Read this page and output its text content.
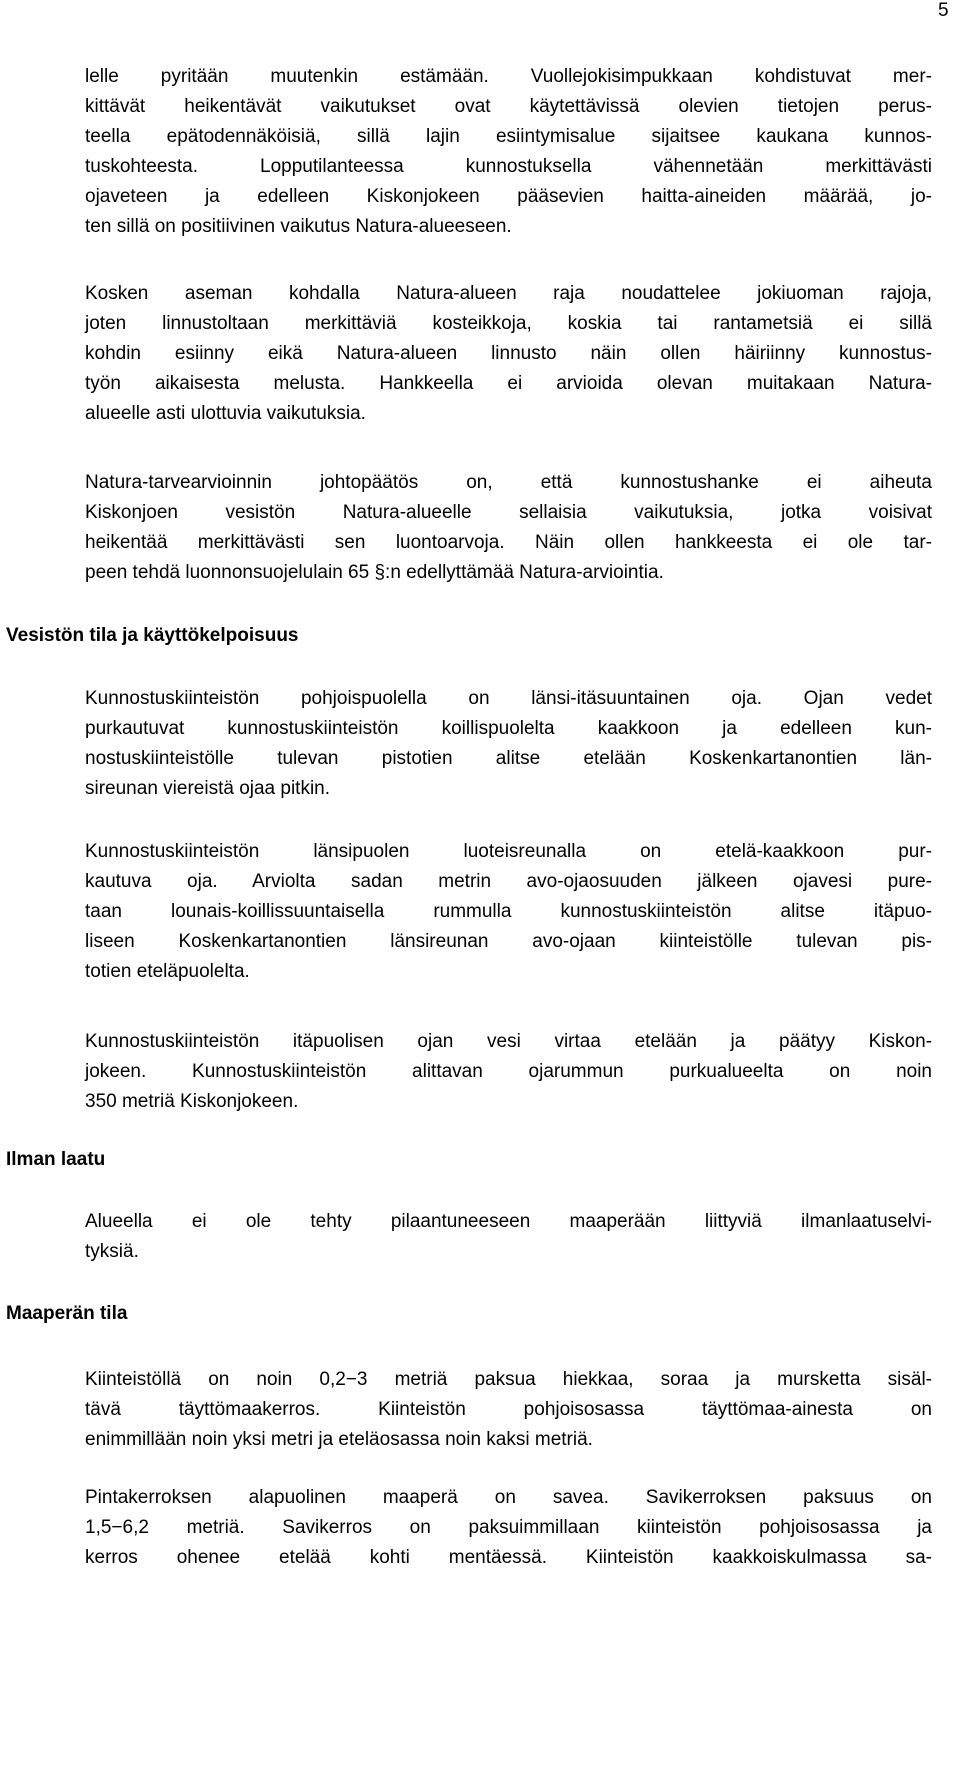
5
lelle pyritään muutenkin estämään. Vuollejokisimpukkaan kohdistuvat mer-
kittävät heikentävät vaikutukset ovat käytettävissä olevien tietojen perus-
teella epätodennäköisiä, sillä lajin esiintymisalue sijaitsee kaukana kunnos-
tuskohteesta. Lopputilanteessa kunnostuksella vähennetään merkittävästi
ojaveteen ja edelleen Kiskonjokeen pääsevien haitta-aineiden määrää, jo-
ten sillä on positiivinen vaikutus Natura-alueeseen.
Kosken aseman kohdalla Natura-alueen raja noudattelee jokiuoman rajoja,
joten linnustoltaan merkittäviä kosteikkoja, koskia tai rantametsiä ei sillä
kohdin esiinny eikä Natura-alueen linnusto näin ollen häiriinny kunnostus-
työn aikaisesta melusta. Hankkeella ei arvioida olevan muitakaan Natura-
alueelle asti ulottuvia vaikutuksia.
Natura-tarvearvioinnin johtopäätös on, että kunnostushanke ei aiheuta
Kiskonjoen vesistön Natura-alueelle sellaisia vaikutuksia, jotka voisivat
heikentää merkittävästi sen luontoarvoja. Näin ollen hankkeesta ei ole tar-
peen tehdä luonnonsuojelulain 65 §:n edellyttämää Natura-arviointia.
Vesistön tila ja käyttökelpoisuus
Kunnostuskiinteistön pohjoispuolella on länsi-itäsuuntainen oja. Ojan vedet
purkautuvat kunnostuskiinteistön koillispuolelta kaakkoon ja edelleen kun-
nostuskiinteistölle tulevan pistotien alitse etelään Koskenkartanontien län-
sireunan viereistä ojaa pitkin.
Kunnostuskiinteistön länsipuolen luoteisreunalla on etelä-kaakkoon pur-
kautuva oja. Arviolta sadan metrin avo-ojaosuuden jälkeen ojavesi pure-
taan lounais-koillissuuntaisella rummulla kunnostuskiinteistön alitse itäpuo-
liseen Koskenkartanontien länsireunan avo-ojaan kiinteistölle tulevan pis-
totien eteläpuolelta.
Kunnostuskiinteistön itäpuolisen ojan vesi virtaa etelään ja päätyy Kiskon-
jokeen. Kunnostuskiinteistön alittavan ojarummun purkualueelta on noin
350 metriä Kiskonjokeen.
Ilman laatu
Alueella ei ole tehty pilaantuneeseen maaperään liittyviä ilmanlaatuselvi-
tyksiä.
Maaperän tila
Kiinteistöllä on noin 0,2−3 metriä paksua hiekkaa, soraa ja mursketta sisäl-
tävä täyttömaakerros. Kiinteistön pohjoisosassa täyttömaa-ainesta on
enimmillään noin yksi metri ja eteläosassa noin kaksi metriä.
Pintakerroksen alapuolinen maaperä on savea. Savikerroksen paksuus on
1,5−6,2 metriä. Savikerros on paksuimmillaan kiinteistön pohjoisosassa ja
kerros ohenee etelää kohti mentäessä. Kiinteistön kaakkoiskulmassa sa-
